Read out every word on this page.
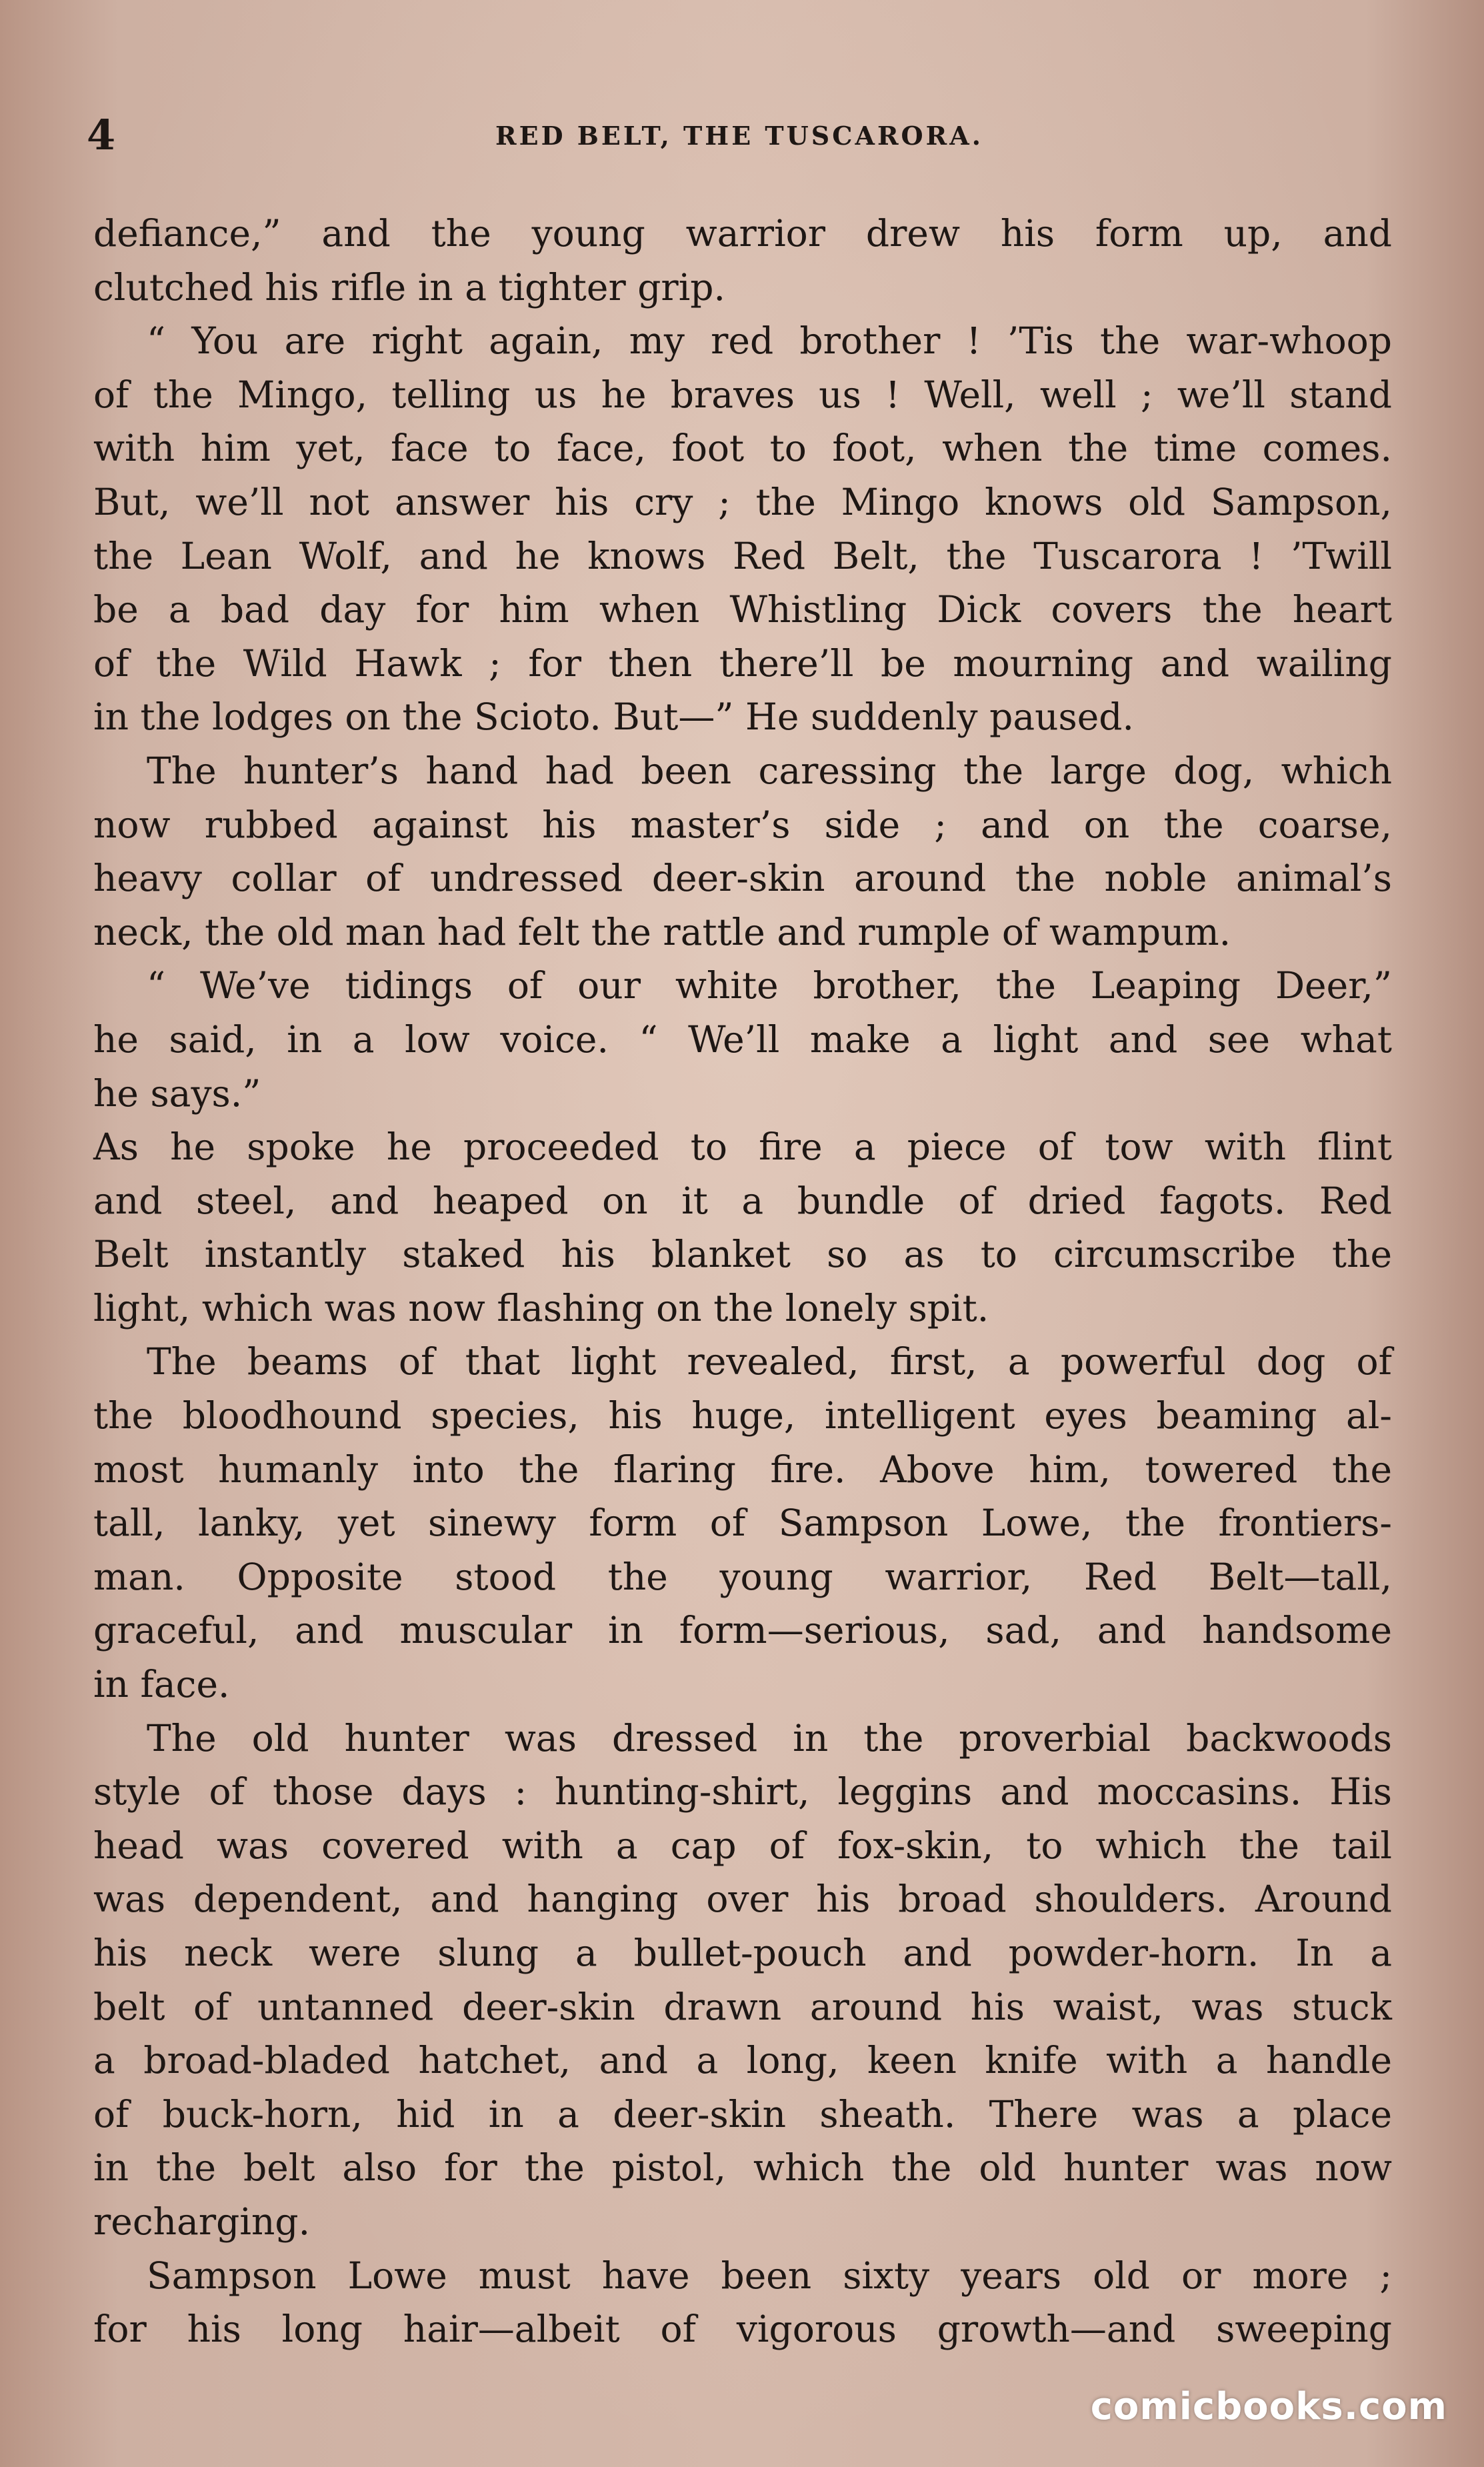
4	RED BELT, THE TUSCARORA.
defiance,” and the young warrior drew his form up, and
clutched his rifle in a tighter grip.
“ You are right again, my red brother ! ’Tis the war-whoop
of the Mingo, telling us he braves us ! Well, well ; we’ll stand
with him yet, face to face, foot to foot, when the time comes.
But, we’ll not answer his cry ; the Mingo knows old Sampson,
the Lean Wolf, and he knows Red Belt, the Tuscarora ! ’Twill
be a bad day for him when Whistling Dick covers the heart
of the Wild Hawk ; for then there’ll be mourning and wailing
in the lodges on the Scioto. But—” He suddenly paused.
The hunter’s hand had been caressing the large dog, which
now rubbed against his master’s side ; and on the coarse,
heavy collar of undressed deer-skin around the noble animal’s
neck, the old man had felt the rattle and rumple of wampum.
“ We’ve tidings of our white brother, the Leaping Deer,”
he said, in a low voice. “ We’ll make a light and see what
he says.”
As he spoke he proceeded to fire a piece of tow with flint
and steel, and heaped on it a bundle of dried fagots. Red
Belt instantly staked his blanket so as to circumscribe the
light, which was now flashing on the lonely spit.
The beams of that light revealed, first, a powerful dog of
the bloodhound species, his huge, intelligent eyes beaming al-
most humanly into the flaring fire. Above him, towered the
tall, lanky, yet sinewy form of Sampson Lowe, the frontiers-
man. Opposite stood the young warrior, Red Belt—tall,
graceful, and muscular in form—serious, sad, and handsome
in face.
The old hunter was dressed in the proverbial backwoods
style of those days : hunting-shirt, leggins and moccasins. His
head was covered with a cap of fox-skin, to which the tail
was dependent, and hanging over his broad shoulders. Around
his neck were slung a bullet-pouch and powder-horn. In a
belt of untanned deer-skin drawn around his waist, was stuck
a broad-bladed hatchet, and a long, keen knife with a handle
of buck-horn, hid in a deer-skin sheath. There was a place
in the belt also for the pistol, which the old hunter was now
recharging.
Sampson Lowe must have been sixty years old or more ;
for his long hair—albeit of vigorous growth—and sweeping
comicbooks.com
